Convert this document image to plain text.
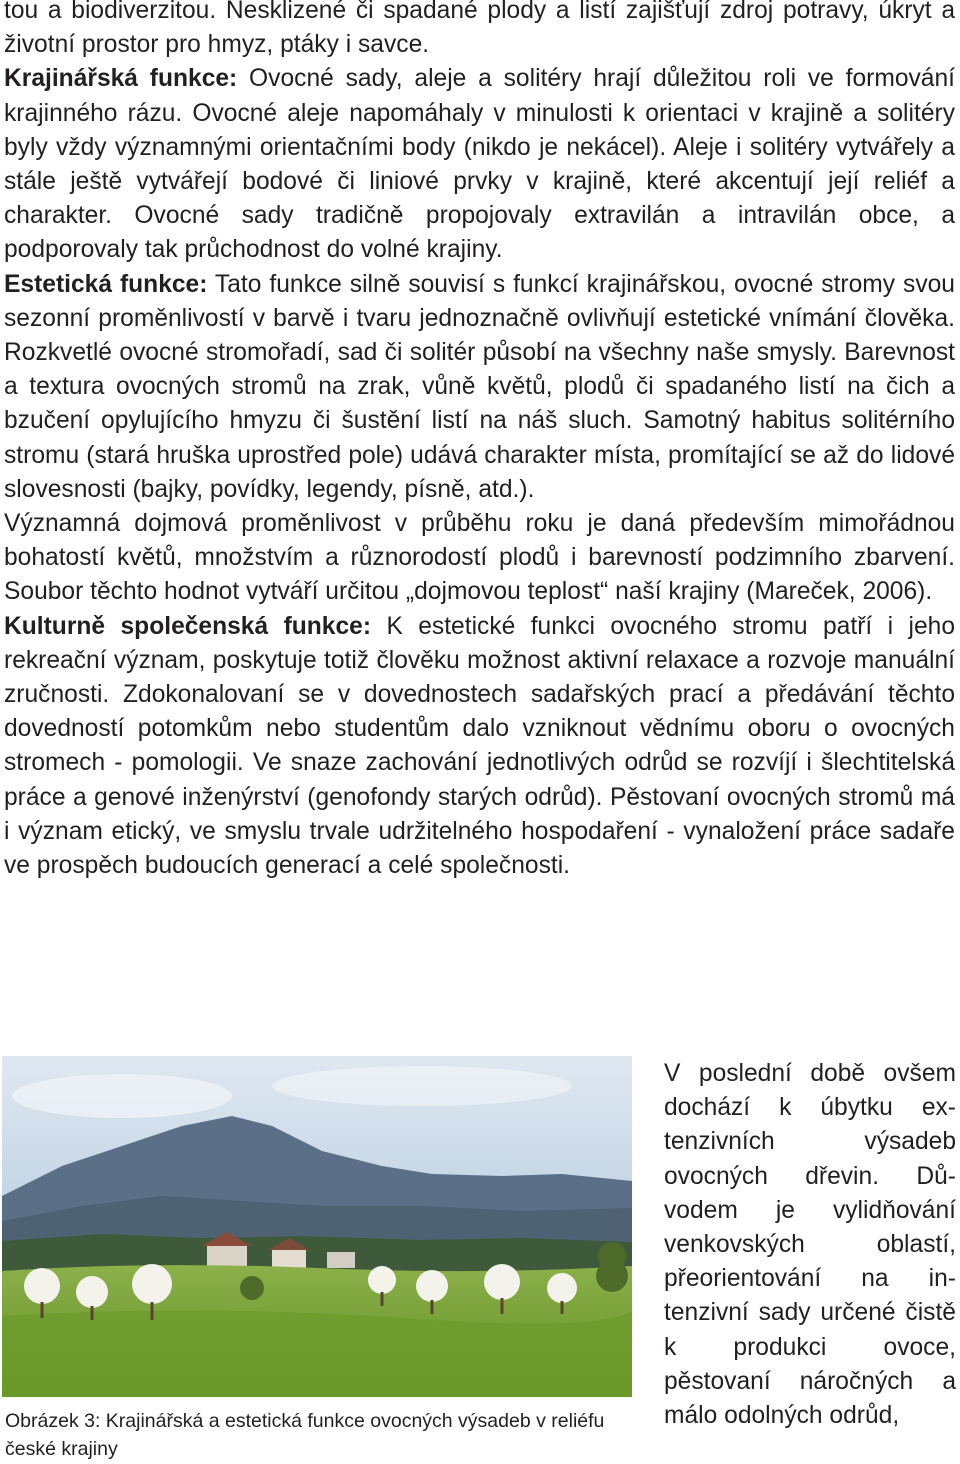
tou a biodiverzitou. Nesklizené či spadané plody a listí zajišťují zdroj potravy, úkryt a životní prostor pro hmyz, ptáky i savce.

Krajinářská funkce: Ovocné sady, aleje a solitéry hrají důležitou roli ve formování krajinného rázu. Ovocné aleje napomáhaly v minulosti k orientaci v krajině a solitéry byly vždy významnými orientačními body (nikdo je nekácel). Aleje i solitéry vytvářely a stále ještě vytvářejí bodové či liniové prvky v krajině, které akcentují její reliéf a charakter. Ovocné sady tradičně propojovaly extravilán a intravilán obce, a podporovaly tak průchodnost do volné krajiny.

Estetická funkce: Tato funkce silně souvisí s funkcí krajinářskou, ovocné stromy svou sezonní proměnlivostí v barvě i tvaru jednoznačně ovlivňují estetické vnímání člověka. Rozkvetlé ovocné stromořadí, sad či solitér působí na všechny naše smysly. Barevnost a textura ovocných stromů na zrak, vůně květů, plodů či spadaného listí na čich a bzučení opylujícího hmyzu či šustění listí na náš sluch. Samotný habitus solitérního stromu (stará hruška uprostřed pole) udává charakter místa, promítající se až do lidové slovesnosti (bajky, povídky, legendy, písně, atd.).

Významná dojmová proměnlivost v průběhu roku je daná především mimořádnou bohatostí květů, množstvím a různorodostí plodů i barevností podzimního zbarvení. Soubor těchto hodnot vytváří určitou „dojmovou teplost“ naší krajiny (Mareček, 2006).

Kulturně společenská funkce: K estetické funkci ovocného stromu patří i jeho rekreační význam, poskytuje totiž člověku možnost aktivní relaxace a rozvoje manuální zručnosti. Zdokonalovaní se v dovednostech sadařských prací a předávání těchto dovedností potomkům nebo studentům dalo vzniknout vědnímu oboru o ovocných stromech - pomologii. Ve snaze zachování jednotlivých odrůd se rozvíjí i šlechtitelská práce a genové inženýrství (genofondy starých odrůd). Pěstovaní ovocných stromů má i význam etický, ve smyslu trvale udržitelného hospodaření - vynaložení práce sadaře ve prospěch budoucích generací a celé společnosti.

Obrázek 3: Krajinářská a estetická funkce ovocných výsadeb v reliéfu české krajiny

V poslední době ovšem dochází k úbytku extenzivních výsadeb ovocných dřevin. Důvodem je vylidňování venkovských oblastí, přeorientování na intenzivní sady určené čistě k produkci ovoce, pěstovaní náročných a málo odolných odrůd,
